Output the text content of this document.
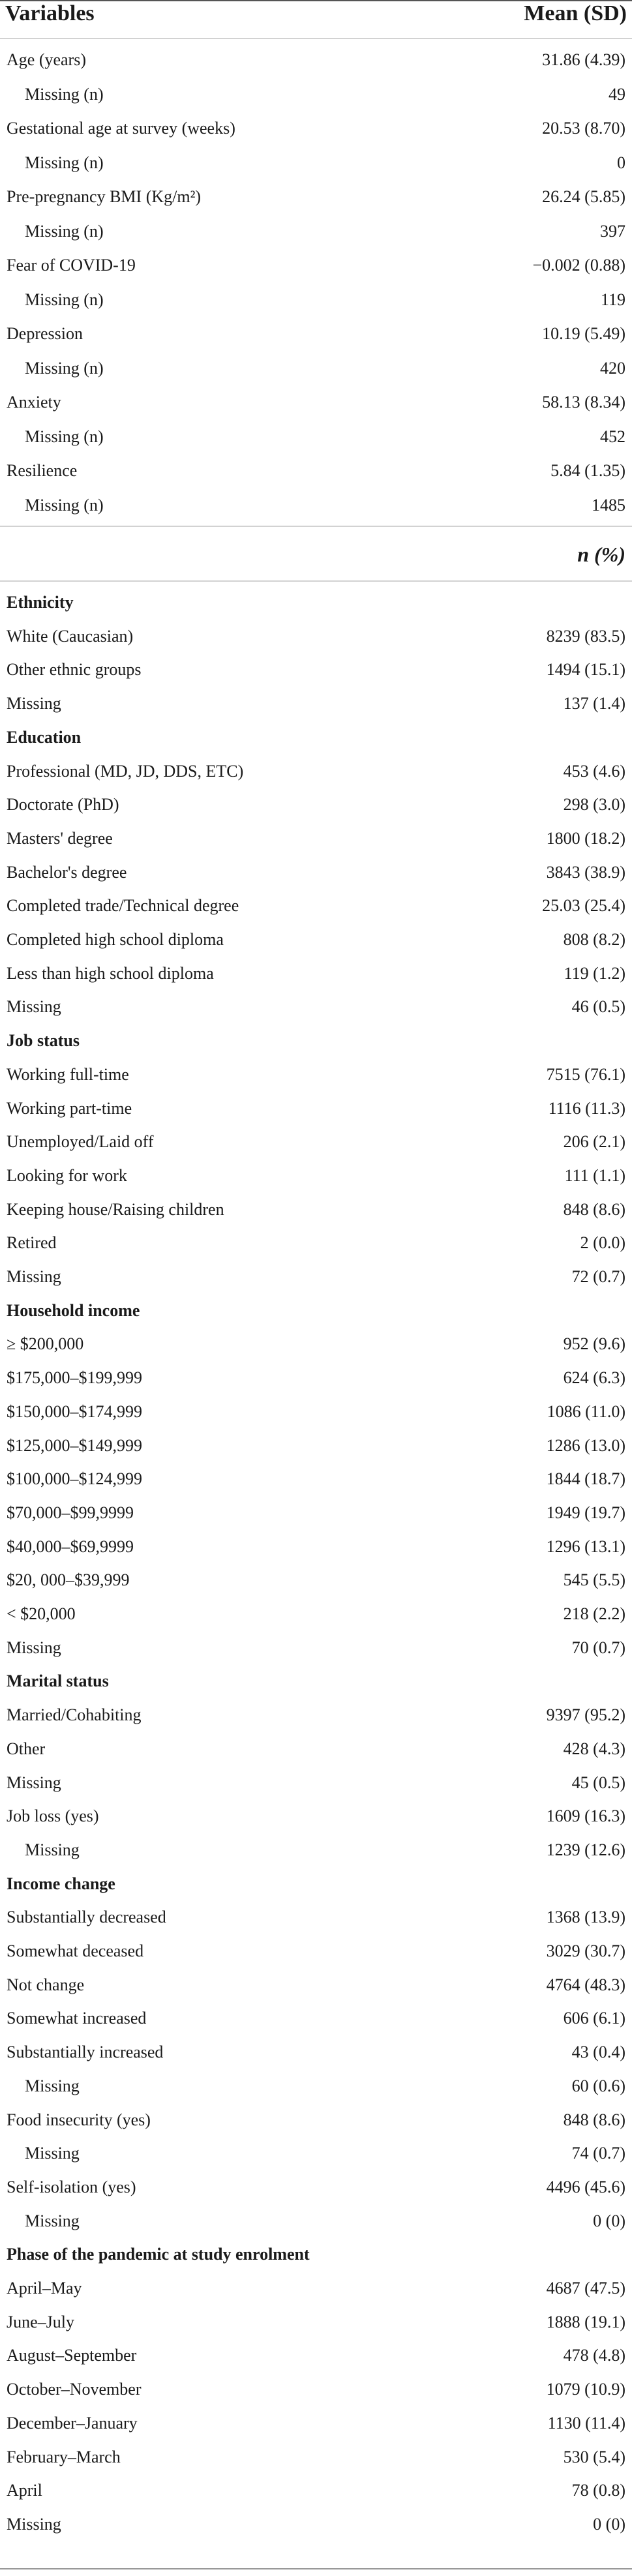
Variables	Mean (SD)
Age (years)	31.86 (4.39)
Missing (n)	49
Gestational age at survey (weeks)	20.53 (8.70)
Missing (n)	0
Pre-pregnancy BMI (Kg/m²)	26.24 (5.85)
Missing (n)	397
Fear of COVID-19	−0.002 (0.88)
Missing (n)	119
Depression	10.19 (5.49)
Missing (n)	420
Anxiety	58.13 (8.34)
Missing (n)	452
Resilience	5.84 (1.35)
Missing (n)	1485
n (%)
Ethnicity
White (Caucasian)	8239 (83.5)
Other ethnic groups	1494 (15.1)
Missing	137 (1.4)
Education
Professional (MD, JD, DDS, ETC)	453 (4.6)
Doctorate (PhD)	298 (3.0)
Masters' degree	1800 (18.2)
Bachelor's degree	3843 (38.9)
Completed trade/Technical degree	25.03 (25.4)
Completed high school diploma	808 (8.2)
Less than high school diploma	119 (1.2)
Missing	46 (0.5)
Job status
Working full-time	7515 (76.1)
Working part-time	1116 (11.3)
Unemployed/Laid off	206 (2.1)
Looking for work	111 (1.1)
Keeping house/Raising children	848 (8.6)
Retired	2 (0.0)
Missing	72 (0.7)
Household income
≥ $200,000	952 (9.6)
$175,000–$199,999	624 (6.3)
$150,000–$174,999	1086 (11.0)
$125,000–$149,999	1286 (13.0)
$100,000–$124,999	1844 (18.7)
$70,000–$99,9999	1949 (19.7)
$40,000–$69,9999	1296 (13.1)
$20, 000–$39,999	545 (5.5)
< $20,000	218 (2.2)
Missing	70 (0.7)
Marital status
Married/Cohabiting	9397 (95.2)
Other	428 (4.3)
Missing	45 (0.5)
Job loss (yes)	1609 (16.3)
Missing	1239 (12.6)
Income change
Substantially decreased	1368 (13.9)
Somewhat deceased	3029 (30.7)
Not change	4764 (48.3)
Somewhat increased	606 (6.1)
Substantially increased	43 (0.4)
Missing	60 (0.6)
Food insecurity (yes)	848 (8.6)
Missing	74 (0.7)
Self-isolation (yes)	4496 (45.6)
Missing	0 (0)
Phase of the pandemic at study enrolment
April–May	4687 (47.5)
June–July	1888 (19.1)
August–September	478 (4.8)
October–November	1079 (10.9)
December–January	1130 (11.4)
February–March	530 (5.4)
April	78 (0.8)
Missing	0 (0)
